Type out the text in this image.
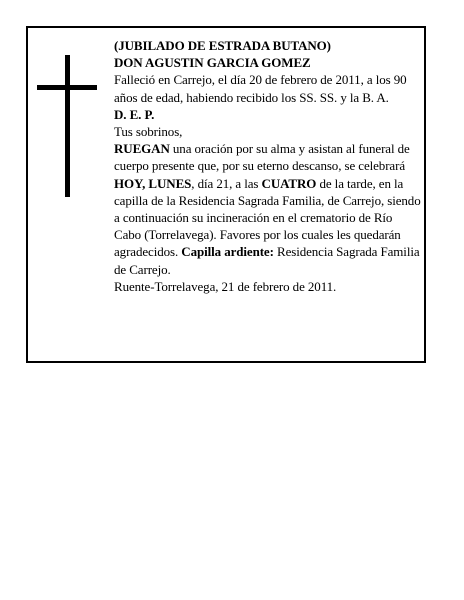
(JUBILADO DE ESTRADA BUTANO)

DON AGUSTIN GARCIA GOMEZ

Falleció en Carrejo, el día 20 de febrero de 2011, a los 90 años de edad, habiendo recibido los SS. SS. y la B. A.

D. E. P.

Tus sobrinos,

RUEGAN una oración por su alma y asistan al funeral de cuerpo presente que, por su eterno descanso, se celebrará HOY, LUNES, día 21, a las CUATRO de la tarde, en la capilla de la Residencia Sagrada Familia, de Carrejo, siendo a continuación su incineración en el crematorio de Río Cabo (Torrelavega). Favores por los cuales les quedarán agradecidos. Capilla ardiente: Residencia Sagrada Familia de Carrejo.

Ruente-Torrelavega, 21 de febrero de 2011.
